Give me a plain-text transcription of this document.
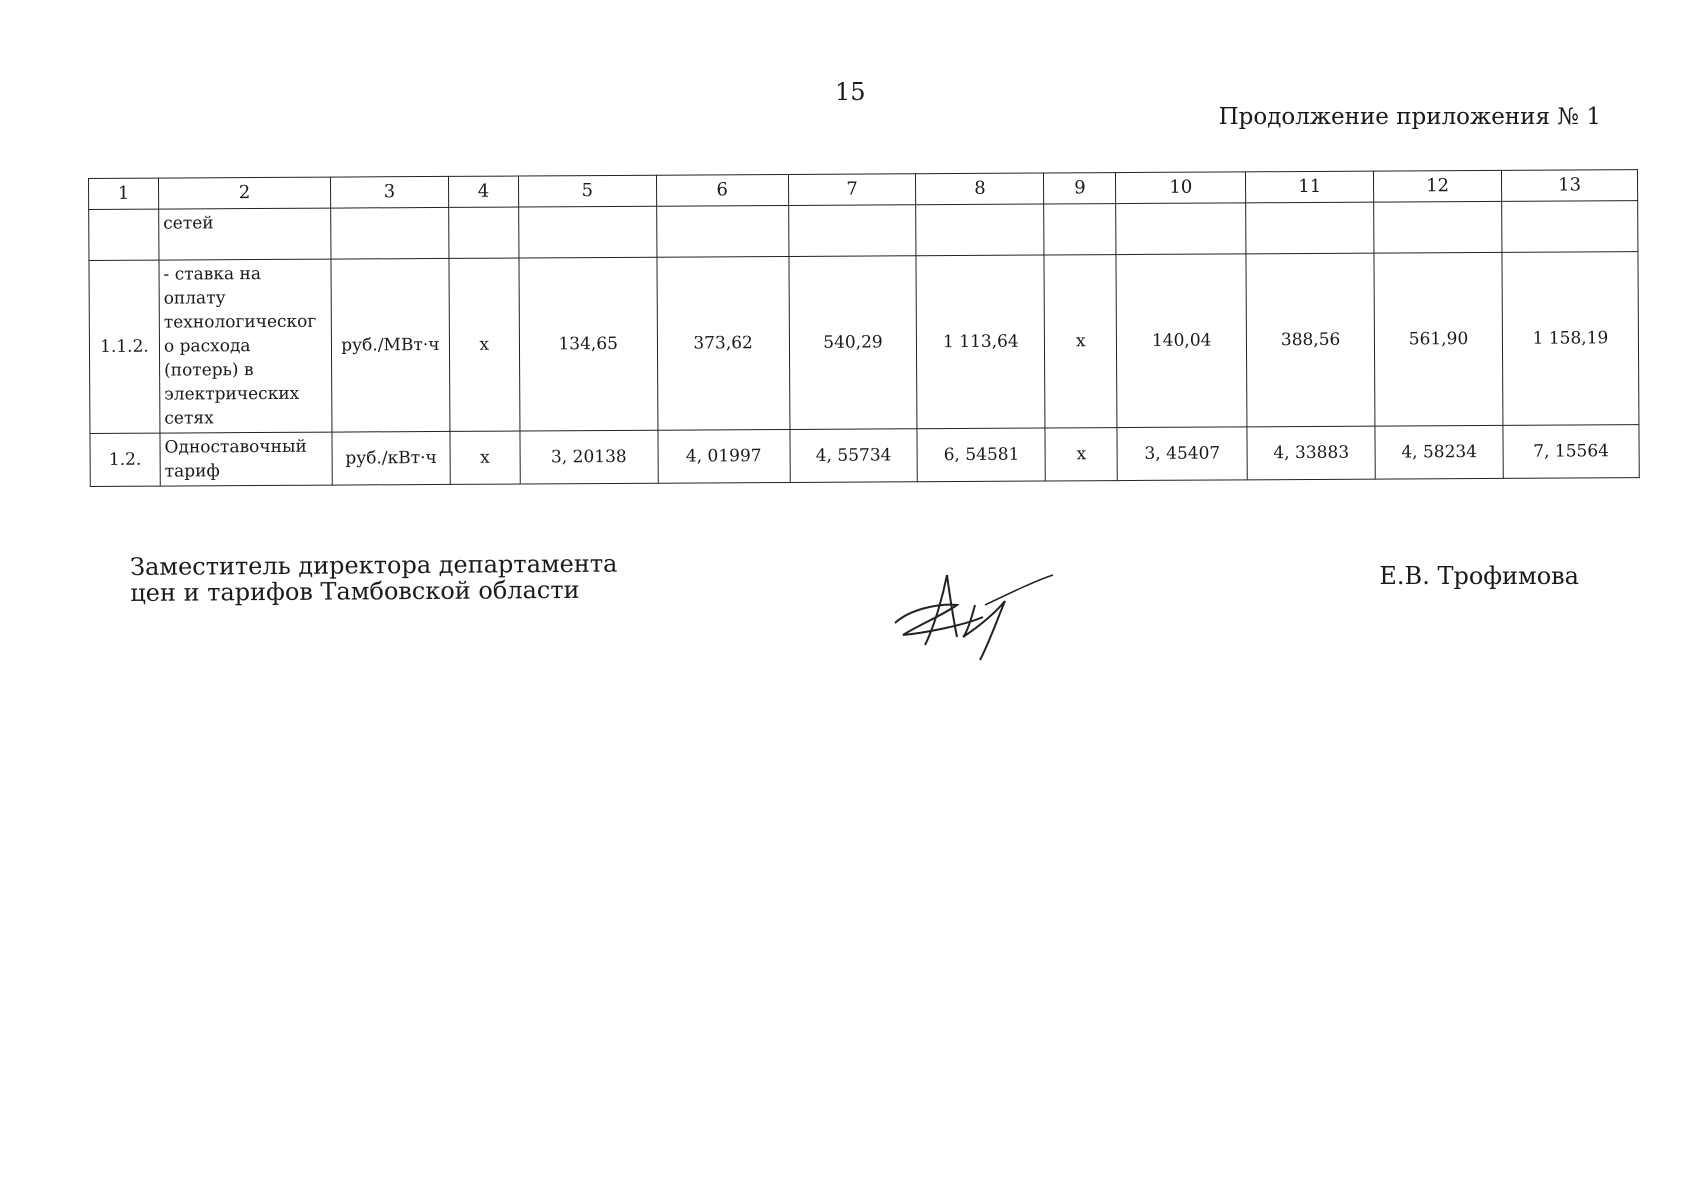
15
Продолжение приложения № 1
1	2	3	4	5	6	7	8	9	10	11	12	13
	сетей											
1.1.2.	- ставка на оплату технологическог о расхода (потерь) в электрических сетях	руб./МВт·ч	х	134,65	373,62	540,29	1 113,64	х	140,04	388,56	561,90	1 158,19
1.2.	Одноставочный тариф	руб./кВт·ч	х	3, 20138	4, 01997	4, 55734	6, 54581	х	3, 45407	4, 33883	4, 58234	7, 15564
Заместитель директора департамента
цен и тарифов Тамбовской области	Е.В. Трофимова
